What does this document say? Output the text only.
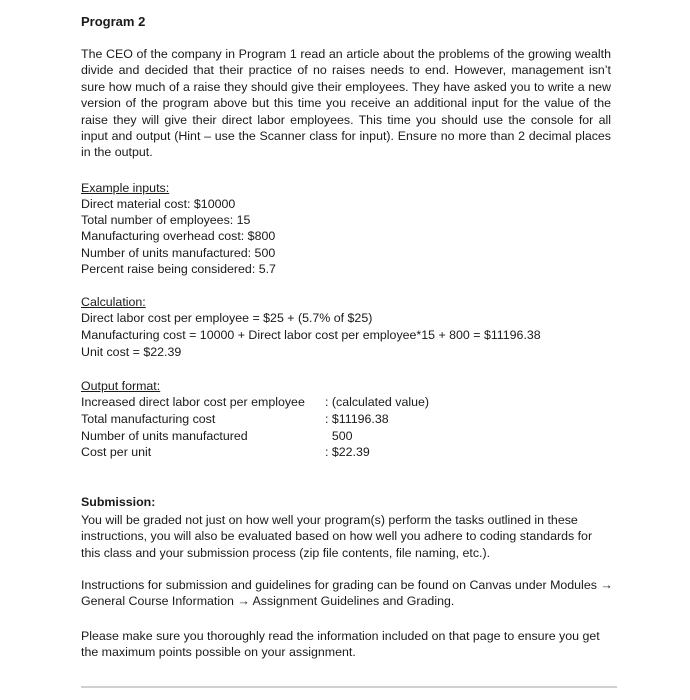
Program 2
The CEO of the company in Program 1 read an article about the problems of the growing wealth divide and decided that their practice of no raises needs to end. However, management isn’t sure how much of a raise they should give their employees. They have asked you to write a new version of the program above but this time you receive an additional input for the value of the raise they will give their direct labor employees. This time you should use the console for all input and output (Hint – use the Scanner class for input). Ensure no more than 2 decimal places in the output.
Example inputs:
Direct material cost: $10000
Total number of employees: 15
Manufacturing overhead cost: $800
Number of units manufactured: 500
Percent raise being considered: 5.7
Calculation:
Direct labor cost per employee = $25 + (5.7% of $25)
Manufacturing cost = 10000 + Direct labor cost per employee*15 + 800 = $11196.38
Unit cost = $22.39
Output format:
Increased direct labor cost per employee : (calculated value)
Total manufacturing cost	: $11196.38
Number of units manufactured	500
Cost per unit	: $22.39
Submission:
You will be graded not just on how well your program(s) perform the tasks outlined in these instructions, you will also be evaluated based on how well you adhere to coding standards for this class and your submission process (zip file contents, file naming, etc.).
Instructions for submission and guidelines for grading can be found on Canvas under Modules →
General Course Information → Assignment Guidelines and Grading.
Please make sure you thoroughly read the information included on that page to ensure you get the maximum points possible on your assignment.
